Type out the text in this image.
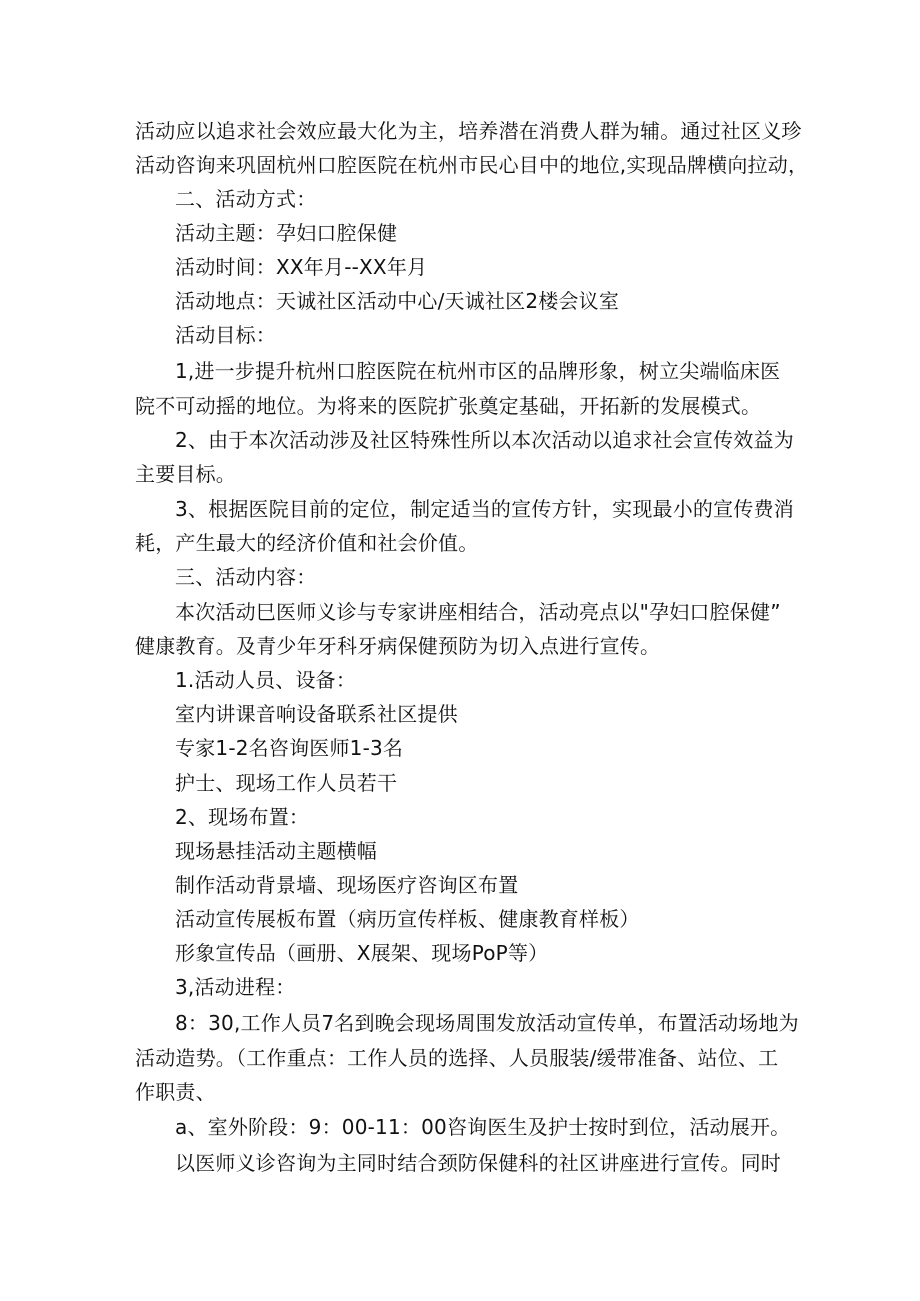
活动应以追求社会效应最大化为主，培养潜在消费人群为辅。通过社区义珍
活动咨询来巩固杭州口腔医院在杭州市民心目中的地位,实现品牌横向拉动，
二、活动方式：
活动主题：孕妇口腔保健
活动时间：XX年月--XX年月
活动地点：天诚社区活动中心/天诚社区2楼会议室
活动目标：
1,进一步提升杭州口腔医院在杭州市区的品牌形象，树立尖端临床医
院不可动摇的地位。为将来的医院扩张奠定基础，开拓新的发展模式。
2、由于本次活动涉及社区特殊性所以本次活动以追求社会宣传效益为
主要目标。
3、根据医院目前的定位，制定适当的宣传方针，实现最小的宣传费消
耗，产生最大的经济价值和社会价值。
三、活动内容：
本次活动巳医师义诊与专家讲座相结合，活动亮点以"孕妇口腔保健”
健康教育。及青少年牙科牙病保健预防为切入点进行宣传。
1.活动人员、设备：
室内讲课音响设备联系社区提供
专家1-2名咨询医师1-3名
护士、现场工作人员若干
2、现场布置：
现场悬挂活动主题横幅
制作活动背景墙、现场医疗咨询区布置
活动宣传展板布置（病历宣传样板、健康教育样板）
形象宣传品（画册、X展架、现场PoP等）
3,活动进程：
8：30,工作人员7名到晚会现场周围发放活动宣传单，布置活动场地为
活动造势。（工作重点：工作人员的选择、人员服装/缓带准备、站位、工
作职责、
a、室外阶段：9：00-11：00咨询医生及护士按时到位，活动展开。
以医师义诊咨询为主同时结合颈防保健科的社区讲座进行宣传。同时
